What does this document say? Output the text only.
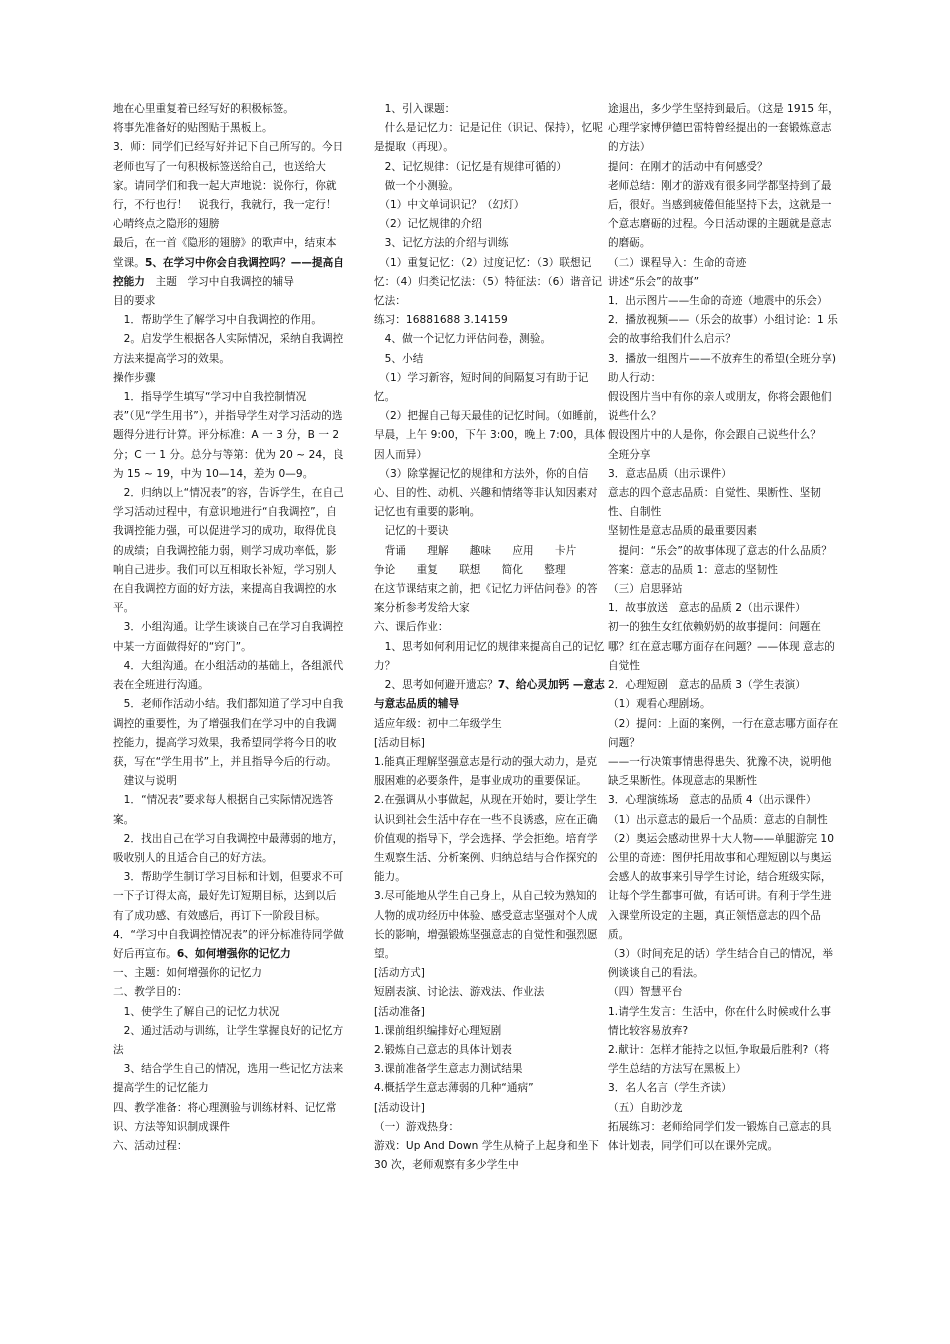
地在心里重复着已经写好的积极标签。

将事先准备好的贴图贴于黑板上。

3．师：同学们已经写好并记下自己所写的。今日老师也写了一句积极标签送给自己，也送给大家。请同学们和我一起大声地说：说你行，你就行，不行也行！　说我行，我就行，我一定行！

心晴终点之隐形的翅膀

最后，在一首《隐形的翅膀》的歌声中，结束本堂课。5、在学习中你会自我调控吗？——提高自控能力　主题　学习中自我调控的辅导

目的要求

　1．帮助学生了解学习中自我调控的作用。

　2。启发学生根据各人实际情况，采纳自我调控方法来提高学习的效果。

操作步骤

　1．指导学生填写“学习中自我控制情况表”（见“学生用书”），并指导学生对学习活动的选题得分进行计算。评分标准：A 一 3 分，B 一 2 分；C 一 1 分。总分与等第：优为 20 ~ 24，良为 15 ~ 19，中为 10—14，差为 0—9。

　2．归纳以上“情况表”的容，告诉学生，在自己学习活动过程中，有意识地进行“自我调控”，自我调控能力强，可以促进学习的成功，取得优良的成绩；自我调控能力弱，则学习成功率低，影响自己进步。我们可以互相取长补短，学习别人在自我调控方面的好方法，来提高自我调控的水平。

　3．小组沟通。让学生谈谈自己在学习自我调控中某一方面做得好的“窍门”。

　4．大组沟通。在小组活动的基础上，各组派代表在全班进行沟通。

　5．老师作活动小结。我们都知道了学习中自我调控的重要性，为了增强我们在学习中的自我调控能力，提高学习效果，我希望同学将今日的收获，写在“学生用书”上，并且指导今后的行动。

　建议与说明

　1．“情况表”要求每人根据自己实际情况选答案。

　2．找出自己在学习自我调控中最薄弱的地方，吸收别人的且适合自己的好方法。

　3．帮助学生制订学习目标和计划，但要求不可一下子订得太高，最好先订短期目标，达到以后有了成功感、有效感后，再订下一阶段目标。

4．“学习中自我调控情况表”的评分标准待同学做好后再宣布。6、如何增强你的记忆力

一、主题：如何增强你的记忆力

二、教学目的：

　1、使学生了解自己的记忆力状况

　2、通过活动与训练，让学生掌握良好的记忆方法

　3、结合学生自己的情况，选用一些记忆方法来提高学生的记忆能力

四、教学准备：将心理测验与训练材料、记忆常识、方法等知识制成课件

六、活动过程：

　1、引入课题：

　什么是记忆力：记是记住（识记、保持），忆呢是提取（再现）。

　2、记忆规律：（记忆是有规律可循的）

　做一个小测验。

　（1）中文单词识记？（幻灯）

　（2）记忆规律的介绍

　3、记忆方法的介绍与训练

　（1）重复记忆：（2）过度记忆：（3）联想记忆：（4）归类记忆法：（5）特征法：（6）谐音记忆法：

练习：16881688 3.14159

　4、做一个记忆力评估问卷，测验。

　5、小结

　（1）学习新容，短时间的间隔复习有助于记忆。

　（2）把握自己每天最佳的记忆时间。（如睡前，早晨，上午 9:00，下午 3:00，晚上 7:00，具体因人而异）

　（3）除掌握记忆的规律和方法外，你的自信心、目的性、动机、兴趣和情绪等非认知因素对记忆也有重要的影响。

　记忆的十要诀

　背诵　　理解　　趣味　　应用　　卡片　　争论　　重复　　联想　　简化　　整理

在这节课结束之前，把《记忆力评估问卷》的答案分析参考发给大家

六、课后作业：

　1、思考如何利用记忆的规律来提高自己的记忆力？

　2、思考如何避开遗忘？7、给心灵加钙 —意志与意志品质的辅导

适应年级：初中二年级学生

[活动目标]

1.能真正理解坚强意志是行动的强大动力，是克服困难的必要条件，是事业成功的重要保证。

2.在强调从小事做起，从现在开始时，要让学生认识到社会生活中存在一些不良诱惑，应在正确价值观的指导下，学会选择、学会拒绝。培育学生观察生活、分析案例、归纳总结与合作探究的能力。

3.尽可能地从学生自己身上，从自己较为熟知的人物的成功经历中体验、感受意志坚强对个人成长的影响，增强锻炼坚强意志的自觉性和强烈愿望。

[活动方式]

短剧表演、讨论法、游戏法、作业法

[活动准备]

1.课前组织编排好心理短剧

2.锻炼自己意志的具体计划表

3.课前准备学生意志力测试结果

4.概括学生意志薄弱的几种“通病”

[活动设计]

（一）游戏热身：

游戏：Up And Down 学生从椅子上起身和坐下 30 次，老师观察有多少学生中

途退出，多少学生坚持到最后。（这是 1915 年，心理学家博伊德巴雷特曾经提出的一套锻炼意志的方法）

提问：在刚才的活动中有何感受？

老师总结：刚才的游戏有很多同学都坚持到了最后，很好。当感到疲倦但能坚持下去，这就是一个意志磨砺的过程。今日活动课的主题就是意志的磨砺。

（二）课程导入：生命的奇迹

讲述“乐会”的故事”

1．出示图片——生命的奇迹（地震中的乐会）

2．播放视频——（乐会的故事）小组讨论：1 乐会的故事给我们什么启示？

3．播放一组图片——不放弃生的希望(全班分享)

助人行动：

假设图片当中有你的亲人或朋友，你将会跟他们说些什么？

假设图片中的人是你，你会跟自己说些什么？

全班分享

3．意志品质（出示课件）

意志的四个意志品质：自觉性、果断性、坚韧性、自制性

坚韧性是意志品质的最重要因素

　提问：“乐会”的故事体现了意志的什么品质？

答案：意志的品质 1：意志的坚韧性

（三）启思驿站

1．故事放送　意志的品质 2（出示课件）

初一的独生女红依赖奶奶的故事提问：问题在哪？红在意志哪方面存在问题？——体现 意志的自觉性

2．心理短剧　意志的品质 3（学生表演）

（1）观看心理剧场。

（2）提问：上面的案例，一行在意志哪方面存在问题？

——一行决策事情患得患失、犹豫不决，说明他缺乏果断性。体现意志的果断性

3．心理演练场　意志的品质 4（出示课件）

（1）出示意志的最后一个品质：意志的自制性

（2）奥运会感动世界十大人物——单腿游完 10 公里的奇迹：图伊托用故事和心理短剧以与奥运会感人的故事来引导学生讨论，结合班级实际，让每个学生都事可做，有话可讲。有利于学生进入课堂所设定的主题，真正领悟意志的四个品质。

（3）（时间充足的话）学生结合自己的情况，举例谈谈自己的看法。

（四）智慧平台

1.请学生发言：生活中，你在什么时候或什么事情比较容易放弃?

2.献计：怎样才能持之以恒,争取最后胜利?（将学生总结的方法写在黑板上）

3．名人名言（学生齐读）

（五）自助沙龙

拓展练习：老师给同学们发一锻炼自己意志的具体计划表，同学们可以在课外完成。
